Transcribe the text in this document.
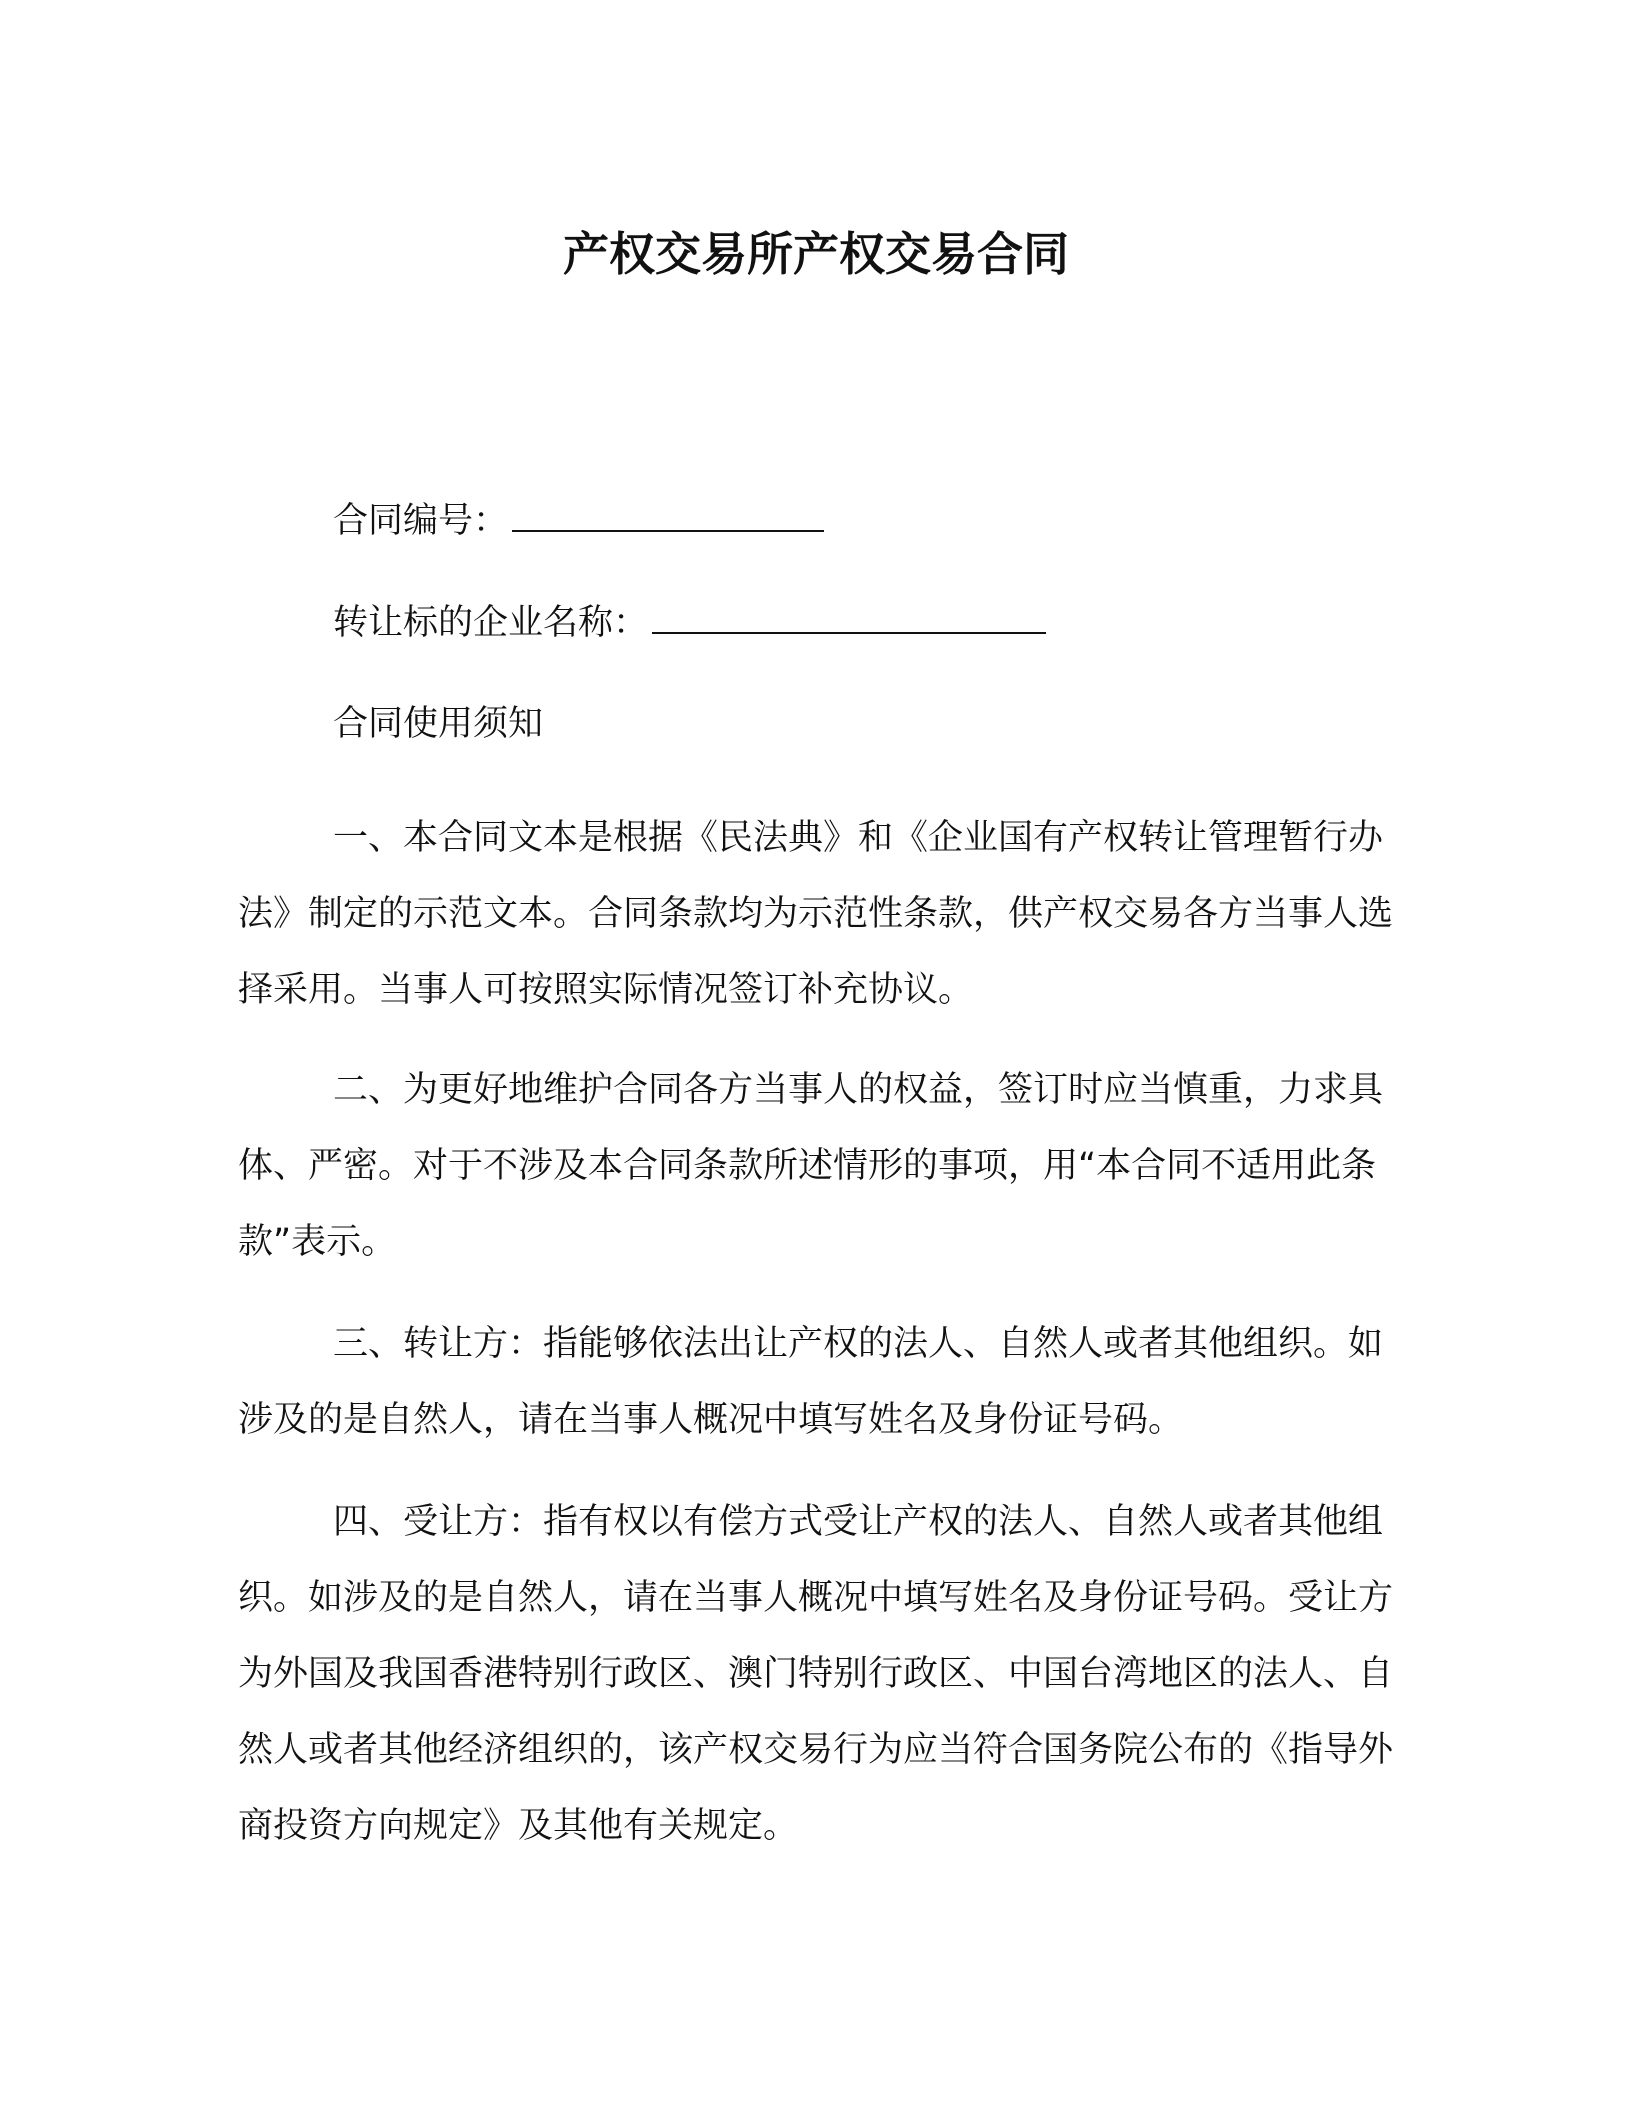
产权交易所产权交易合同
合同编号：
转让标的企业名称：
合同使用须知

一、本合同文本是根据《民法典》和《企业国有产权转让管理暂行办法》制定的示范文本。合同条款均为示范性条款，供产权交易各方当事人选择采用。当事人可按照实际情况签订补充协议。

二、为更好地维护合同各方当事人的权益，签订时应当慎重，力求具体、严密。对于不涉及本合同条款所述情形的事项，用“本合同不适用此条款”表示。

三、转让方：指能够依法出让产权的法人、自然人或者其他组织。如涉及的是自然人，请在当事人概况中填写姓名及身份证号码。

四、受让方：指有权以有偿方式受让产权的法人、自然人或者其他组织。如涉及的是自然人，请在当事人概况中填写姓名及身份证号码。受让方为外国及我国香港特别行政区、澳门特别行政区、中国台湾地区的法人、自然人或者其他经济组织的，该产权交易行为应当符合国务院公布的《指导外商投资方向规定》及其他有关规定。
